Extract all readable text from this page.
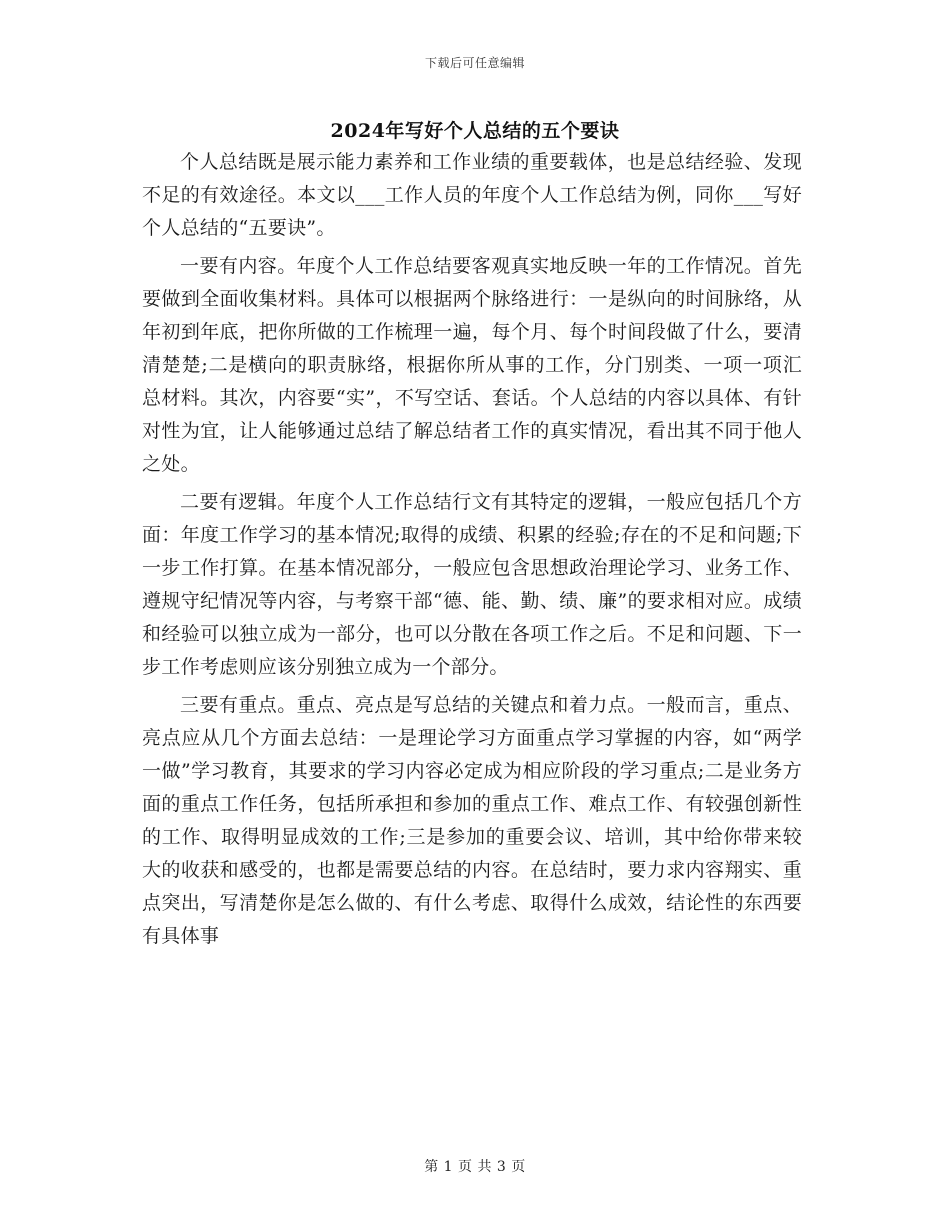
下载后可任意编辑
2024年写好个人总结的五个要诀

个人总结既是展示能力素养和工作业绩的重要载体，也是总结经验、发现不足的有效途径。本文以___工作人员的年度个人工作总结为例，同你___写好个人总结的“五要诀”。

一要有内容。年度个人工作总结要客观真实地反映一年的工作情况。首先要做到全面收集材料。具体可以根据两个脉络进行：一是纵向的时间脉络，从年初到年底，把你所做的工作梳理一遍，每个月、每个时间段做了什么，要清清楚楚;二是横向的职责脉络，根据你所从事的工作，分门别类、一项一项汇总材料。其次，内容要“实”，不写空话、套话。个人总结的内容以具体、有针对性为宜，让人能够通过总结了解总结者工作的真实情况，看出其不同于他人之处。

二要有逻辑。年度个人工作总结行文有其特定的逻辑，一般应包括几个方面：年度工作学习的基本情况;取得的成绩、积累的经验;存在的不足和问题;下一步工作打算。在基本情况部分，一般应包含思想政治理论学习、业务工作、遵规守纪情况等内容，与考察干部“德、能、勤、绩、廉”的要求相对应。成绩和经验可以独立成为一部分，也可以分散在各项工作之后。不足和问题、下一步工作考虑则应该分别独立成为一个部分。

三要有重点。重点、亮点是写总结的关键点和着力点。一般而言，重点、亮点应从几个方面去总结：一是理论学习方面重点学习掌握的内容，如“两学一做”学习教育，其要求的学习内容必定成为相应阶段的学习重点;二是业务方面的重点工作任务，包括所承担和参加的重点工作、难点工作、有较强创新性的工作、取得明显成效的工作;三是参加的重要会议、培训，其中给你带来较大的收获和感受的，也都是需要总结的内容。在总结时，要力求内容翔实、重点突出，写清楚你是怎么做的、有什么考虑、取得什么成效，结论性的东西要有具体事

第 1 页 共 3 页
